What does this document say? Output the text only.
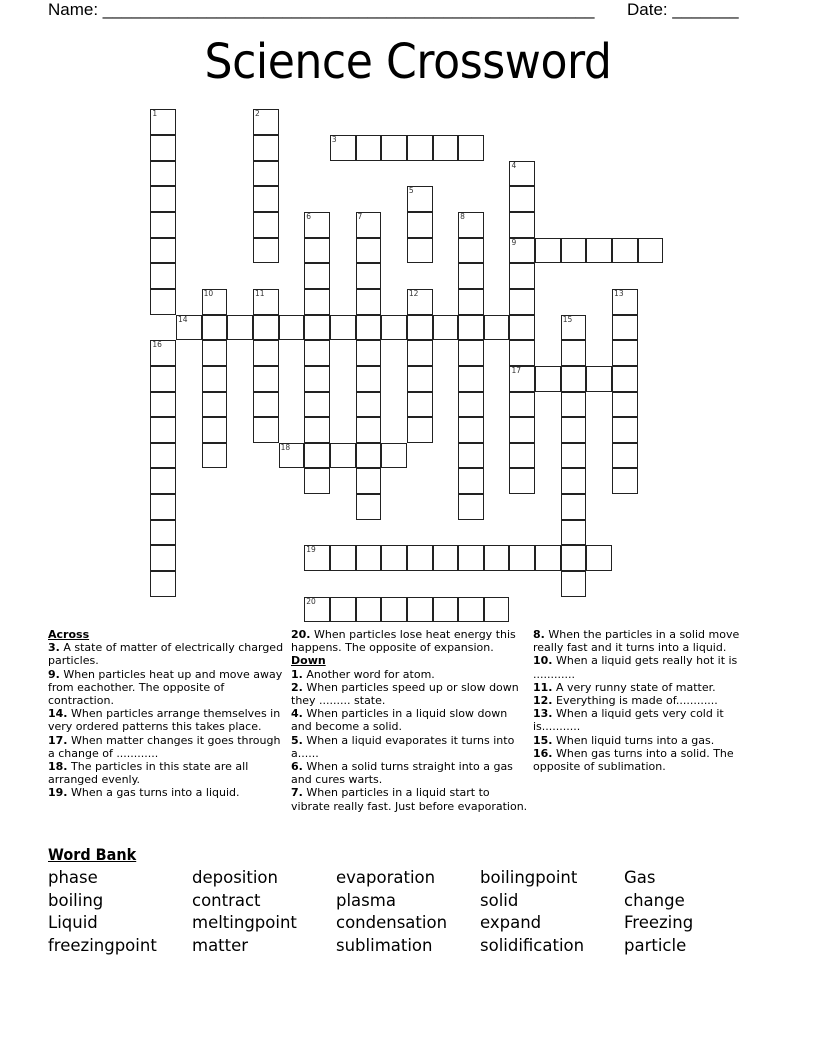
Name: ____________________________________________________ Date: _______
Science Crossword
1	2
3
4
9
17
5
6	7	8
10	11	12	13
14	15
16
18
19
20
Across
3. A state of matter of electrically charged particles.
9. When particles heat up and move away from eachother. The opposite of contraction.
14. When particles arrange themselves in very ordered patterns this takes place.
17. When matter changes it goes through a change of ............
18. The particles in this state are all arranged evenly.
19. When a gas turns into a liquid.
20. When particles lose heat energy this happens. The opposite of expansion.
Down
1. Another word for atom.
2. When particles speed up or slow down they ......... state.
4. When particles in a liquid slow down and become a solid.
5. When a liquid evaporates it turns into a......
6. When a solid turns straight into a gas and cures warts.
7. When particles in a liquid start to vibrate really fast. Just before evaporation.
8. When the particles in a solid move really fast and it turns into a liquid.
10. When a liquid gets really hot it is ............
11. A very runny state of matter.
12. Everything is made of............
13. When a liquid gets very cold it is...........
15. When liquid turns into a gas.
16. When gas turns into a solid. The opposite of sublimation.
Word Bank
phase	deposition	evaporation	boilingpoint	Gas
boiling	contract	plasma	solid	change
Liquid	meltingpoint	condensation	expand	Freezing
freezingpoint	matter	sublimation	solidification	particle
